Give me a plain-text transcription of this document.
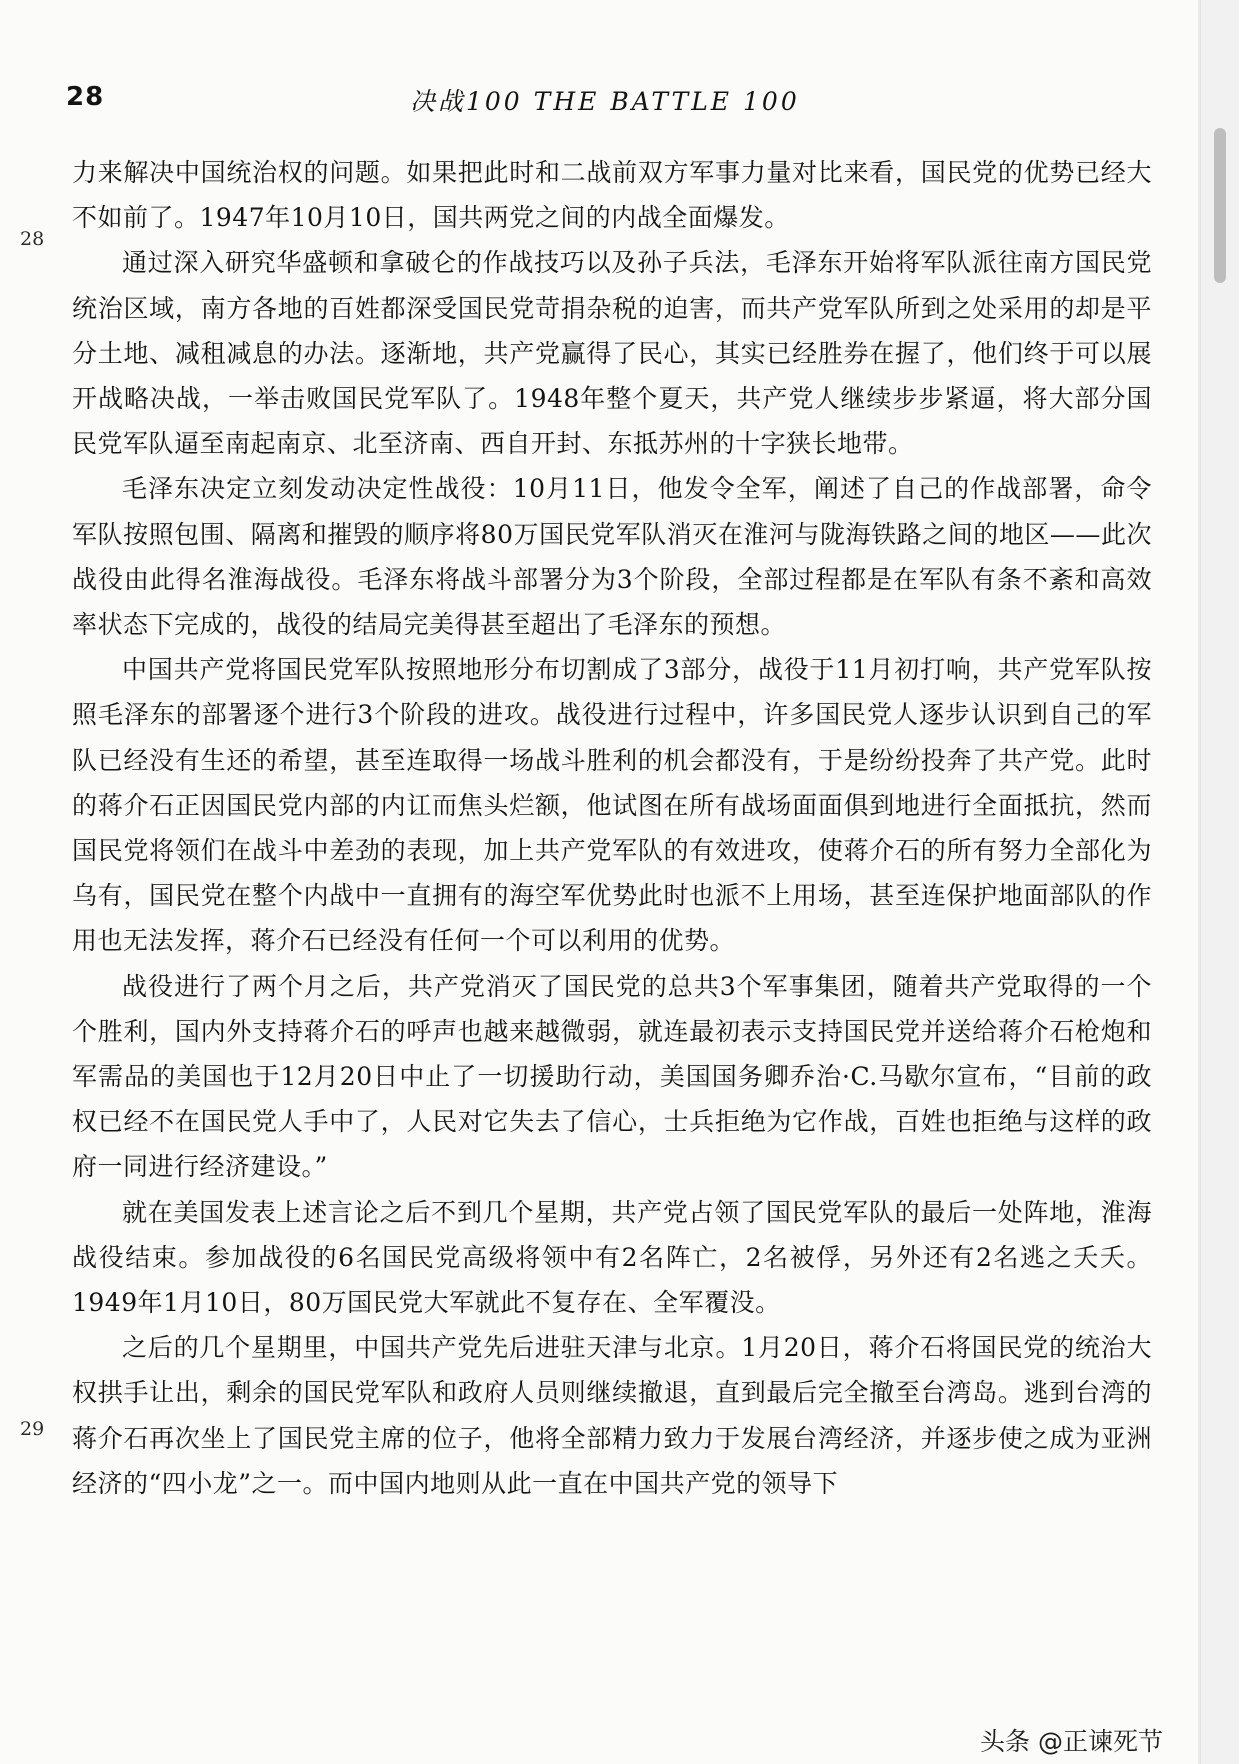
28	决战100 THE BATTLE 100
28
29

力来解决中国统治权的问题。如果把此时和二战前双方军事力量对比来看，国民党的优势已经大不如前了。1947年10月10日，国共两党之间的内战全面爆发。

通过深入研究华盛顿和拿破仑的作战技巧以及孙子兵法，毛泽东开始将军队派往南方国民党统治区域，南方各地的百姓都深受国民党苛捐杂税的迫害，而共产党军队所到之处采用的却是平分土地、减租减息的办法。逐渐地，共产党赢得了民心，其实已经胜券在握了，他们终于可以展开战略决战，一举击败国民党军队了。1948年整个夏天，共产党人继续步步紧逼，将大部分国民党军队逼至南起南京、北至济南、西自开封、东抵苏州的十字狭长地带。

毛泽东决定立刻发动决定性战役：10月11日，他发令全军，阐述了自己的作战部署，命令军队按照包围、隔离和摧毁的顺序将80万国民党军队消灭在淮河与陇海铁路之间的地区——此次战役由此得名淮海战役。毛泽东将战斗部署分为3个阶段，全部过程都是在军队有条不紊和高效率状态下完成的，战役的结局完美得甚至超出了毛泽东的预想。

中国共产党将国民党军队按照地形分布切割成了3部分，战役于11月初打响，共产党军队按照毛泽东的部署逐个进行3个阶段的进攻。战役进行过程中，许多国民党人逐步认识到自己的军队已经没有生还的希望，甚至连取得一场战斗胜利的机会都没有，于是纷纷投奔了共产党。此时的蒋介石正因国民党内部的内讧而焦头烂额，他试图在所有战场面面俱到地进行全面抵抗，然而国民党将领们在战斗中差劲的表现，加上共产党军队的有效进攻，使蒋介石的所有努力全部化为乌有，国民党在整个内战中一直拥有的海空军优势此时也派不上用场，甚至连保护地面部队的作用也无法发挥，蒋介石已经没有任何一个可以利用的优势。

战役进行了两个月之后，共产党消灭了国民党的总共3个军事集团，随着共产党取得的一个个胜利，国内外支持蒋介石的呼声也越来越微弱，就连最初表示支持国民党并送给蒋介石枪炮和军需品的美国也于12月20日中止了一切援助行动，美国国务卿乔治·C.马歇尔宣布，“目前的政权已经不在国民党人手中了，人民对它失去了信心，士兵拒绝为它作战，百姓也拒绝与这样的政府一同进行经济建设。”

就在美国发表上述言论之后不到几个星期，共产党占领了国民党军队的最后一处阵地，淮海战役结束。参加战役的6名国民党高级将领中有2名阵亡，2名被俘，另外还有2名逃之夭夭。1949年1月10日，80万国民党大军就此不复存在、全军覆没。

之后的几个星期里，中国共产党先后进驻天津与北京。1月20日，蒋介石将国民党的统治大权拱手让出，剩余的国民党军队和政府人员则继续撤退，直到最后完全撤至台湾岛。逃到台湾的蒋介石再次坐上了国民党主席的位子，他将全部精力致力于发展台湾经济，并逐步使之成为亚洲经济的“四小龙”之一。而中国内地则从此一直在中国共产党的领导下

头条 @正谏死节
